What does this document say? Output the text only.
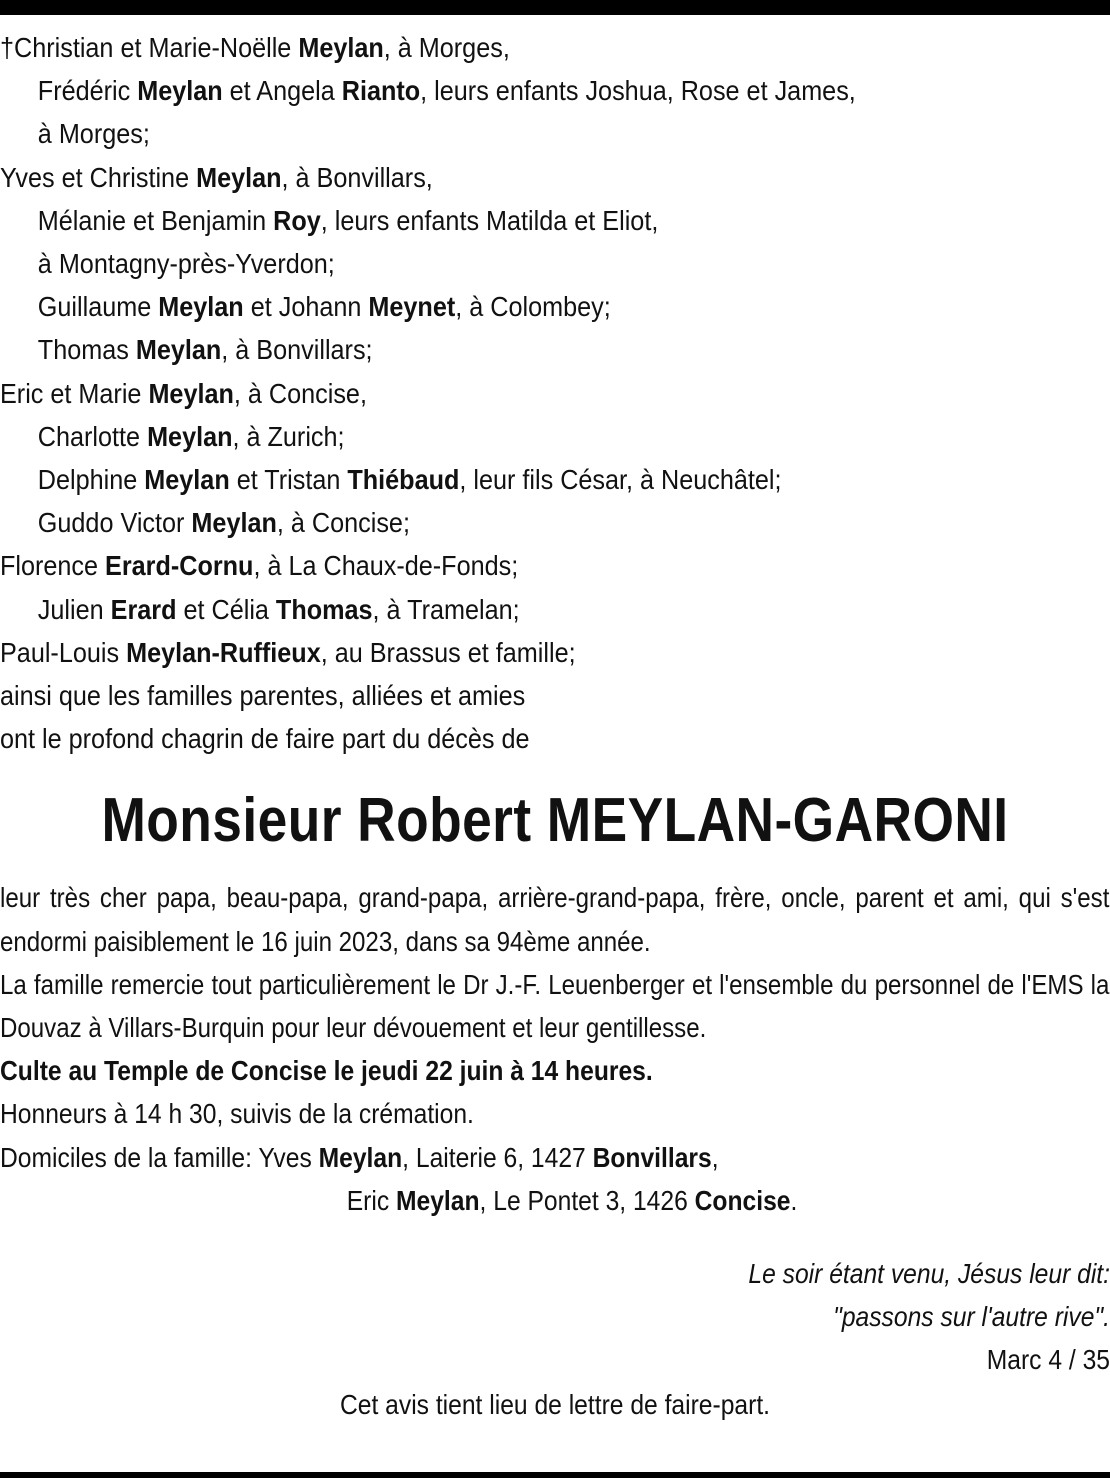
†Christian et Marie-Noëlle Meylan, à Morges,
Frédéric Meylan et Angela Rianto, leurs enfants Joshua, Rose et James,
à Morges;
Yves et Christine Meylan, à Bonvillars,
Mélanie et Benjamin Roy, leurs enfants Matilda et Eliot,
à Montagny-près-Yverdon;
Guillaume Meylan et Johann Meynet, à Colombey;
Thomas Meylan, à Bonvillars;
Eric et Marie Meylan, à Concise,
Charlotte Meylan, à Zurich;
Delphine Meylan et Tristan Thiébaud, leur fils César, à Neuchâtel;
Guddo Victor Meylan, à Concise;
Florence Erard-Cornu, à La Chaux-de-Fonds;
Julien Erard et Célia Thomas, à Tramelan;
Paul-Louis Meylan-Ruffieux, au Brassus et famille;
ainsi que les familles parentes, alliées et amies
ont le profond chagrin de faire part du décès de
Monsieur Robert MEYLAN-GARONI
leur très cher papa, beau-papa, grand-papa, arrière-grand-papa, frère, oncle, parent et ami, qui s'est endormi paisiblement le 16 juin 2023, dans sa 94ème année.
La famille remercie tout particulièrement le Dr J.-F. Leuenberger et l'ensemble du personnel de l'EMS la Douvaz à Villars-Burquin pour leur dévouement et leur gentillesse.
Culte au Temple de Concise le jeudi 22 juin à 14 heures.
Honneurs à 14 h 30, suivis de la crémation.
Domiciles de la famille: Yves Meylan, Laiterie 6, 1427 Bonvillars,
Eric Meylan, Le Pontet 3, 1426 Concise.
Le soir étant venu, Jésus leur dit:
"passons sur l'autre rive".
Marc 4 / 35
Cet avis tient lieu de lettre de faire-part.
